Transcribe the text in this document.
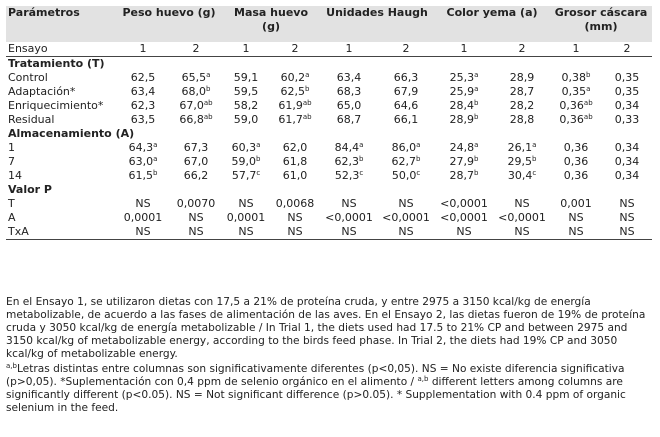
Parámetros	Peso huevo (g)		Masa huevo (g)		Unidades Haugh		Color yema (a)		Grosor cáscara (mm)	
Ensayo	1	2	1	2	1	2	1	2	1	2
Tratamiento (T)										
Control	62,5	65,5$^a$	59,1	60,2$^a$	63,4	66,3	25,3$^a$	28,9	0,38$^b$	0,35
Adaptación*	63,4	68,0$^b$	59,5	62,5$^b$	68,3	67,9	25,9$^a$	28,7	0,35$^a$	0,35
Enriquecimiento*	62,3	67,0$^{ab}$	58,2	61,9$^{ab}$	65,0	64,6	28,4$^b$	28,2	0,36$^{ab}$	0,34
Residual	63,5	66,8$^{ab}$	59,0	61,7$^{ab}$	68,7	66,1	28,9$^b$	28,8	0,36$^{ab}$	0,33
Almacenamiento (A)										
1	64,3$^a$	67,3	60,3$^a$	62,0	84,4$^a$	86,0$^a$	24,8$^a$	26,1$^a$	0,36	0,34
7	63,0$^a$	67,0	59,0$^b$	61,8	62,3$^b$	62,7$^b$	27,9$^b$	29,5$^b$	0,36	0,34
14	61,5$^b$	66,2	57,7$^c$	61,0	52,3$^c$	50,0$^c$	28,7$^b$	30,4$^c$	0,36	0,34
Valor P										
T	NS	0,0070	NS	0,0068	NS	NS	<0,0001	NS	0,001	NS
A	0,0001	NS	0,0001	NS	<0,0001	<0,0001	<0,0001	<0,0001	NS	NS
TxA	NS	NS	NS	NS	NS	NS	NS	NS	NS	NS

En el Ensayo 1, se utilizaron dietas con 17,5 a 21% de proteína cruda, y entre 2975 a 3150 kcal/kg de energía metabolizable, de acuerdo a las fases de alimentación de las aves. En el Ensayo 2, las dietas fueron de 19% de proteína cruda y 3050 kcal/kg de energía metabolizable / In Trial 1, the diets used had 17.5 to 21% CP and between 2975 and 3150 kcal/kg of metabolizable energy, according to the birds feed phase. In Trial 2, the diets had 19% CP and 3050 kcal/kg of metabolizable energy.

$^{a,b}$Letras distintas entre columnas son significativamente diferentes (p<0,05). NS = No existe diferencia significativa (p>0,05). *Suplementación con 0,4 ppm de selenio orgánico en el alimento / $^{a,b}$ different letters among columns are significantly different (p<0.05). NS = Not significant difference (p>0.05). * Supplementation with 0.4 ppm of organic selenium in the feed.
